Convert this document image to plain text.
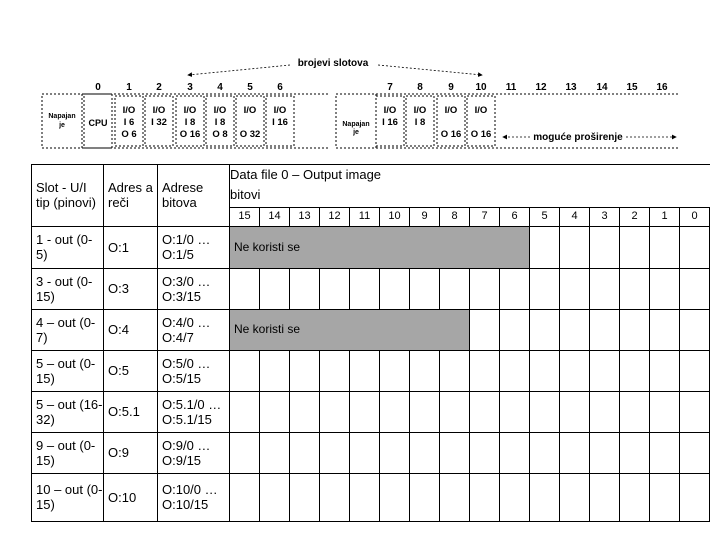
brojevi slotova
0	1 2	3 4 5 6	7 8	9 10 11 12 13 14 15 16
Napajan
je	CPU
I/O
I 6
O 6
I/O
I 32
I/O
I 8
O 16
I/O
I 8
O 8
I/O
O 32
I/O
I 16	Napajan
je
I/O
I 16
I/O
I 8
I/O
O 16
I/O
O 16	moguće proširenje
Slot - U/I tip (pinovi)	Adres a reči	Adrese bitova	Data file 0 – Output image															
			bitovi															
			15	14	13	12	11	10	9	8	7	6	5	4	3	2	1	0
1 - out (0-5)	O:1	O:1/0 … O:1/5	Ne koristi se															

3 - out (0-15)	O:3	O:3/0 … O:3/15																
4 – out (0-7)	O:4	O:4/0 … O:4/7	Ne koristi se															

5 – out (0-15)	O:5	O:5/0 … O:5/15																
5 – out (16-32)	O:5.1	O:5.1/0 … O:5.1/15																
9 – out (0-15)	O:9	O:9/0 … O:9/15																
10 – out (0-15)	O:10	O:10/0 … O:10/15																
